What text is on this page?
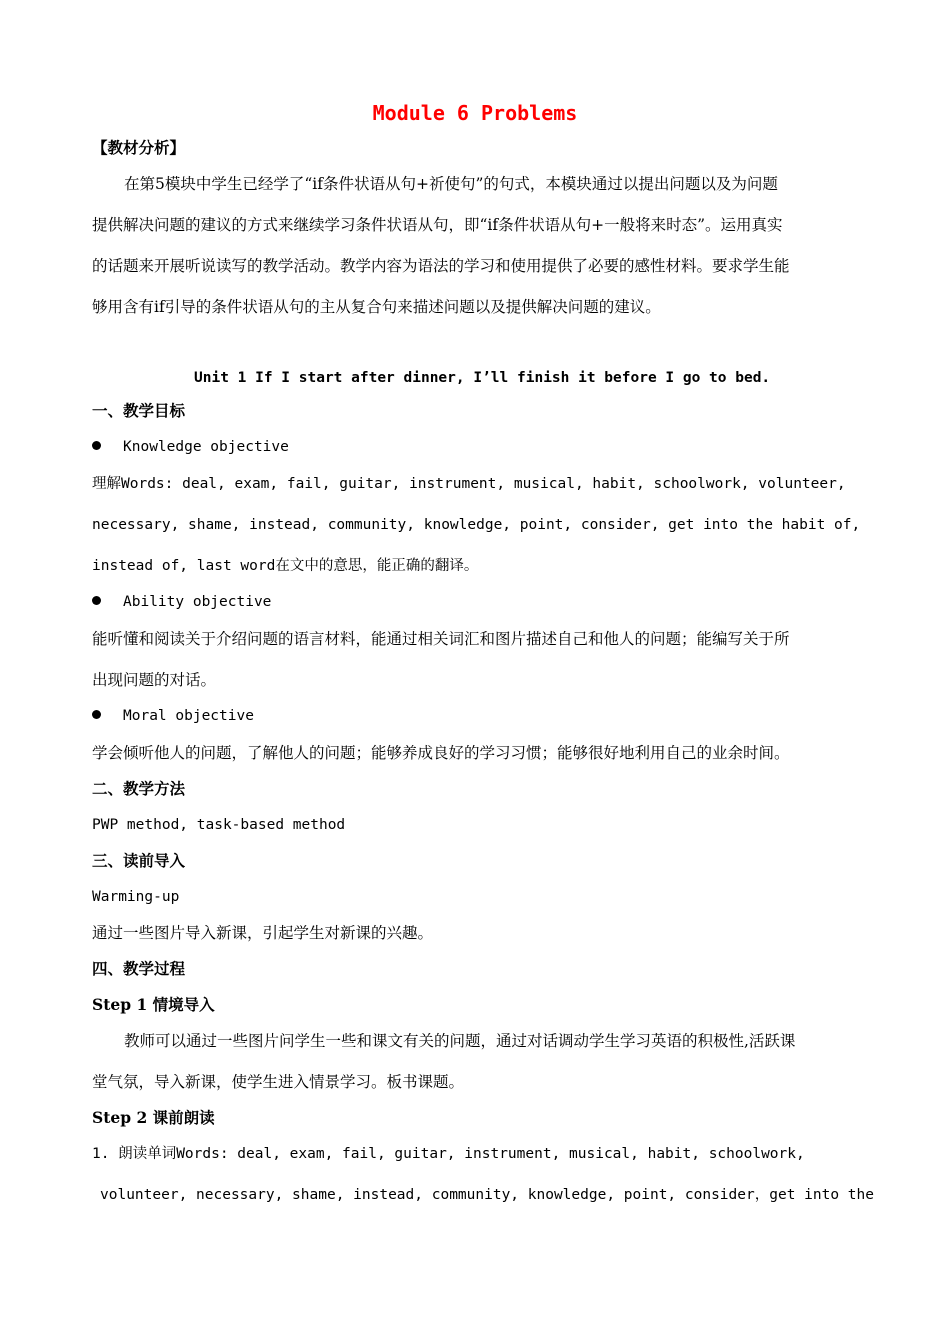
Module 6 Problems
【教材分析】
在第5模块中学生已经学了“if条件状语从句+祈使句”的句式，本模块通过以提出问题以及为问题
提供解决问题的建议的方式来继续学习条件状语从句，即“if条件状语从句+一般将来时态”。运用真实
的话题来开展听说读写的教学活动。教学内容为语法的学习和使用提供了必要的感性材料。要求学生能
够用含有if引导的条件状语从句的主从复合句来描述问题以及提供解决问题的建议。
Unit 1 If I start after dinner, I’ll finish it before I go to bed.
一、教学目标
Knowledge objective
理解Words: deal, exam, fail, guitar, instrument, musical, habit, schoolwork, volunteer,
necessary, shame, instead, community, knowledge, point, consider, get into the habit of,
instead of, last word在文中的意思，能正确的翻译。
Ability objective
能听懂和阅读关于介绍问题的语言材料，能通过相关词汇和图片描述自己和他人的问题；能编写关于所
出现问题的对话。
Moral objective
学会倾听他人的问题，了解他人的问题；能够养成良好的学习习惯；能够很好地利用自己的业余时间。
二、教学方法
PWP method, task-based method
三、读前导入
Warming-up
通过一些图片导入新课，引起学生对新课的兴趣。
四、教学过程
Step 1 情境导入
教师可以通过一些图片问学生一些和课文有关的问题，通过对话调动学生学习英语的积极性,活跃课
堂气氛，导入新课，使学生进入情景学习。板书课题。
Step 2 课前朗读
1. 朗读单词Words: deal, exam, fail, guitar, instrument, musical, habit, schoolwork,
volunteer, necessary, shame, instead, community, knowledge, point, consider，get into the
